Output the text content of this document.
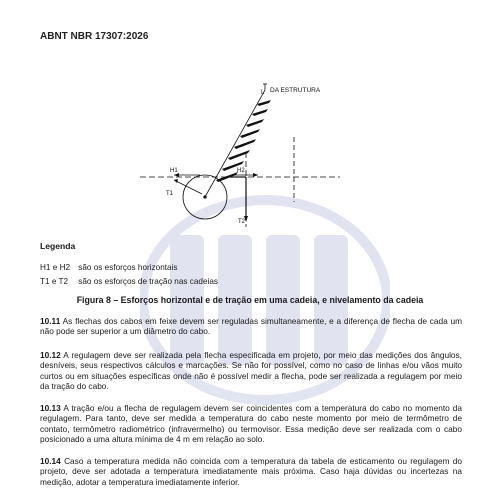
ABNT NBR 17307:2026
DA ESTRUTURA
L
H1	H2
T1
T2
Legenda
H1 e H2 são os esforços horizontais
T1 e T2 são os esforços de tração nas cadeias
Figura 8 – Esforços horizontal e de tração em uma cadeia, e nivelamento da cadeia

10.11 As flechas dos cabos em feixe devem ser reguladas simultaneamente, e a diferença de flecha de cada um não pode ser superior a um diâmetro do cabo.

10.12 A regulagem deve ser realizada pela flecha especificada em projeto, por meio das medições dos ângulos, desníveis, seus respectivos cálculos e marcações. Se não for possível, como no caso de linhas e/ou vãos muito curtos ou em situações específicas onde não é possível medir a flecha, pode ser realizada a regulagem por meio da tração do cabo.

10.13 A tração e/ou a flecha de regulagem devem ser coincidentes com a temperatura do cabo no momento da regulagem. Para tanto, deve ser medida a temperatura do cabo neste momento por meio de termômetro de contato, termômetro radiométrico (infravermelho) ou termovisor. Essa medição deve ser realizada com o cabo posicionado a uma altura mínima de 4 m em relação ao solo.

10.14 Caso a temperatura medida não coincida com a temperatura da tabela de esticamento ou regulagem do projeto, deve ser adotada a temperatura imediatamente mais próxima. Caso haja dúvidas ou incertezas na medição, adotar a temperatura imediatamente inferior.
